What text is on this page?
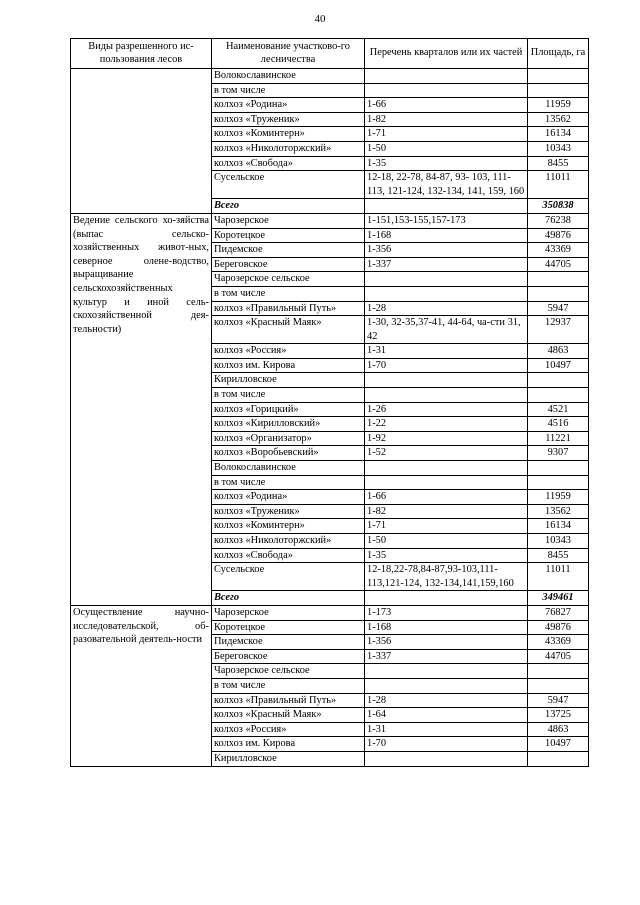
40
Виды разрешенного ис-пользования лесов	Наименование участково-го лесничества	Перечень кварталов или их частей	Площадь, га
	Волокославинское		
	в том числе		
	колхоз «Родина»	1-66	11959
	колхоз «Труженик»	1-82	13562
	колхоз «Коминтерн»	1-71	16134
	колхоз «Николоторжский»	1-50	10343
	колхоз «Свобода»	1-35	8455
	Сусельское	12-18, 22-78, 84-87, 93- 103, 111-113, 121-124, 132-134, 141, 159, 160	11011
	Всего		350838
Ведение сельского хо-зяйства (выпас сельско-хозяйственных живот-ных, северное олене-водство, выращивание сельскохозяйственных культур и иной сель-скохозяйственной дея-тельности)	Чарозерское	1-151,153-155,157-173	76238
	Коротецкое	1-168	49876
	Пидемское	1-356	43369
	Береговское	1-337	44705
	Чарозерское сельское		
	в том числе		
	колхоз «Правильный Путь»	1-28	5947
	колхоз «Красный Маяк»	1-30, 32-35,37-41, 44-64, ча-сти 31, 42	12937
	колхоз «Россия»	1-31	4863
	колхоз им. Кирова	1-70	10497
	Кирилловское		
	в том числе		
	колхоз «Горицкий»	1-26	4521
	колхоз «Кирилловский»	1-22	4516
	колхоз «Организатор»	1-92	11221
	колхоз «Воробьевский»	1-52	9307
	Волокославинское		
	в том числе		
	колхоз «Родина»	1-66	11959
	колхоз «Труженик»	1-82	13562
	колхоз «Коминтерн»	1-71	16134
	колхоз «Николоторжский»	1-50	10343
	колхоз «Свобода»	1-35	8455
	Сусельское	12-18,22-78,84-87,93-103,111-113,121-124, 132-134,141,159,160	11011
	Всего		349461
Осуществление научно-исследовательской, об-разовательной деятель-ности	Чарозерское	1-173	76827
	Коротецкое	1-168	49876
	Пидемское	1-356	43369
	Береговское	1-337	44705
	Чарозерское сельское		
	в том числе		
	колхоз «Правильный Путь»	1-28	5947
	колхоз «Красный Маяк»	1-64	13725
	колхоз «Россия»	1-31	4863
	колхоз им. Кирова	1-70	10497
	Кирилловское		
